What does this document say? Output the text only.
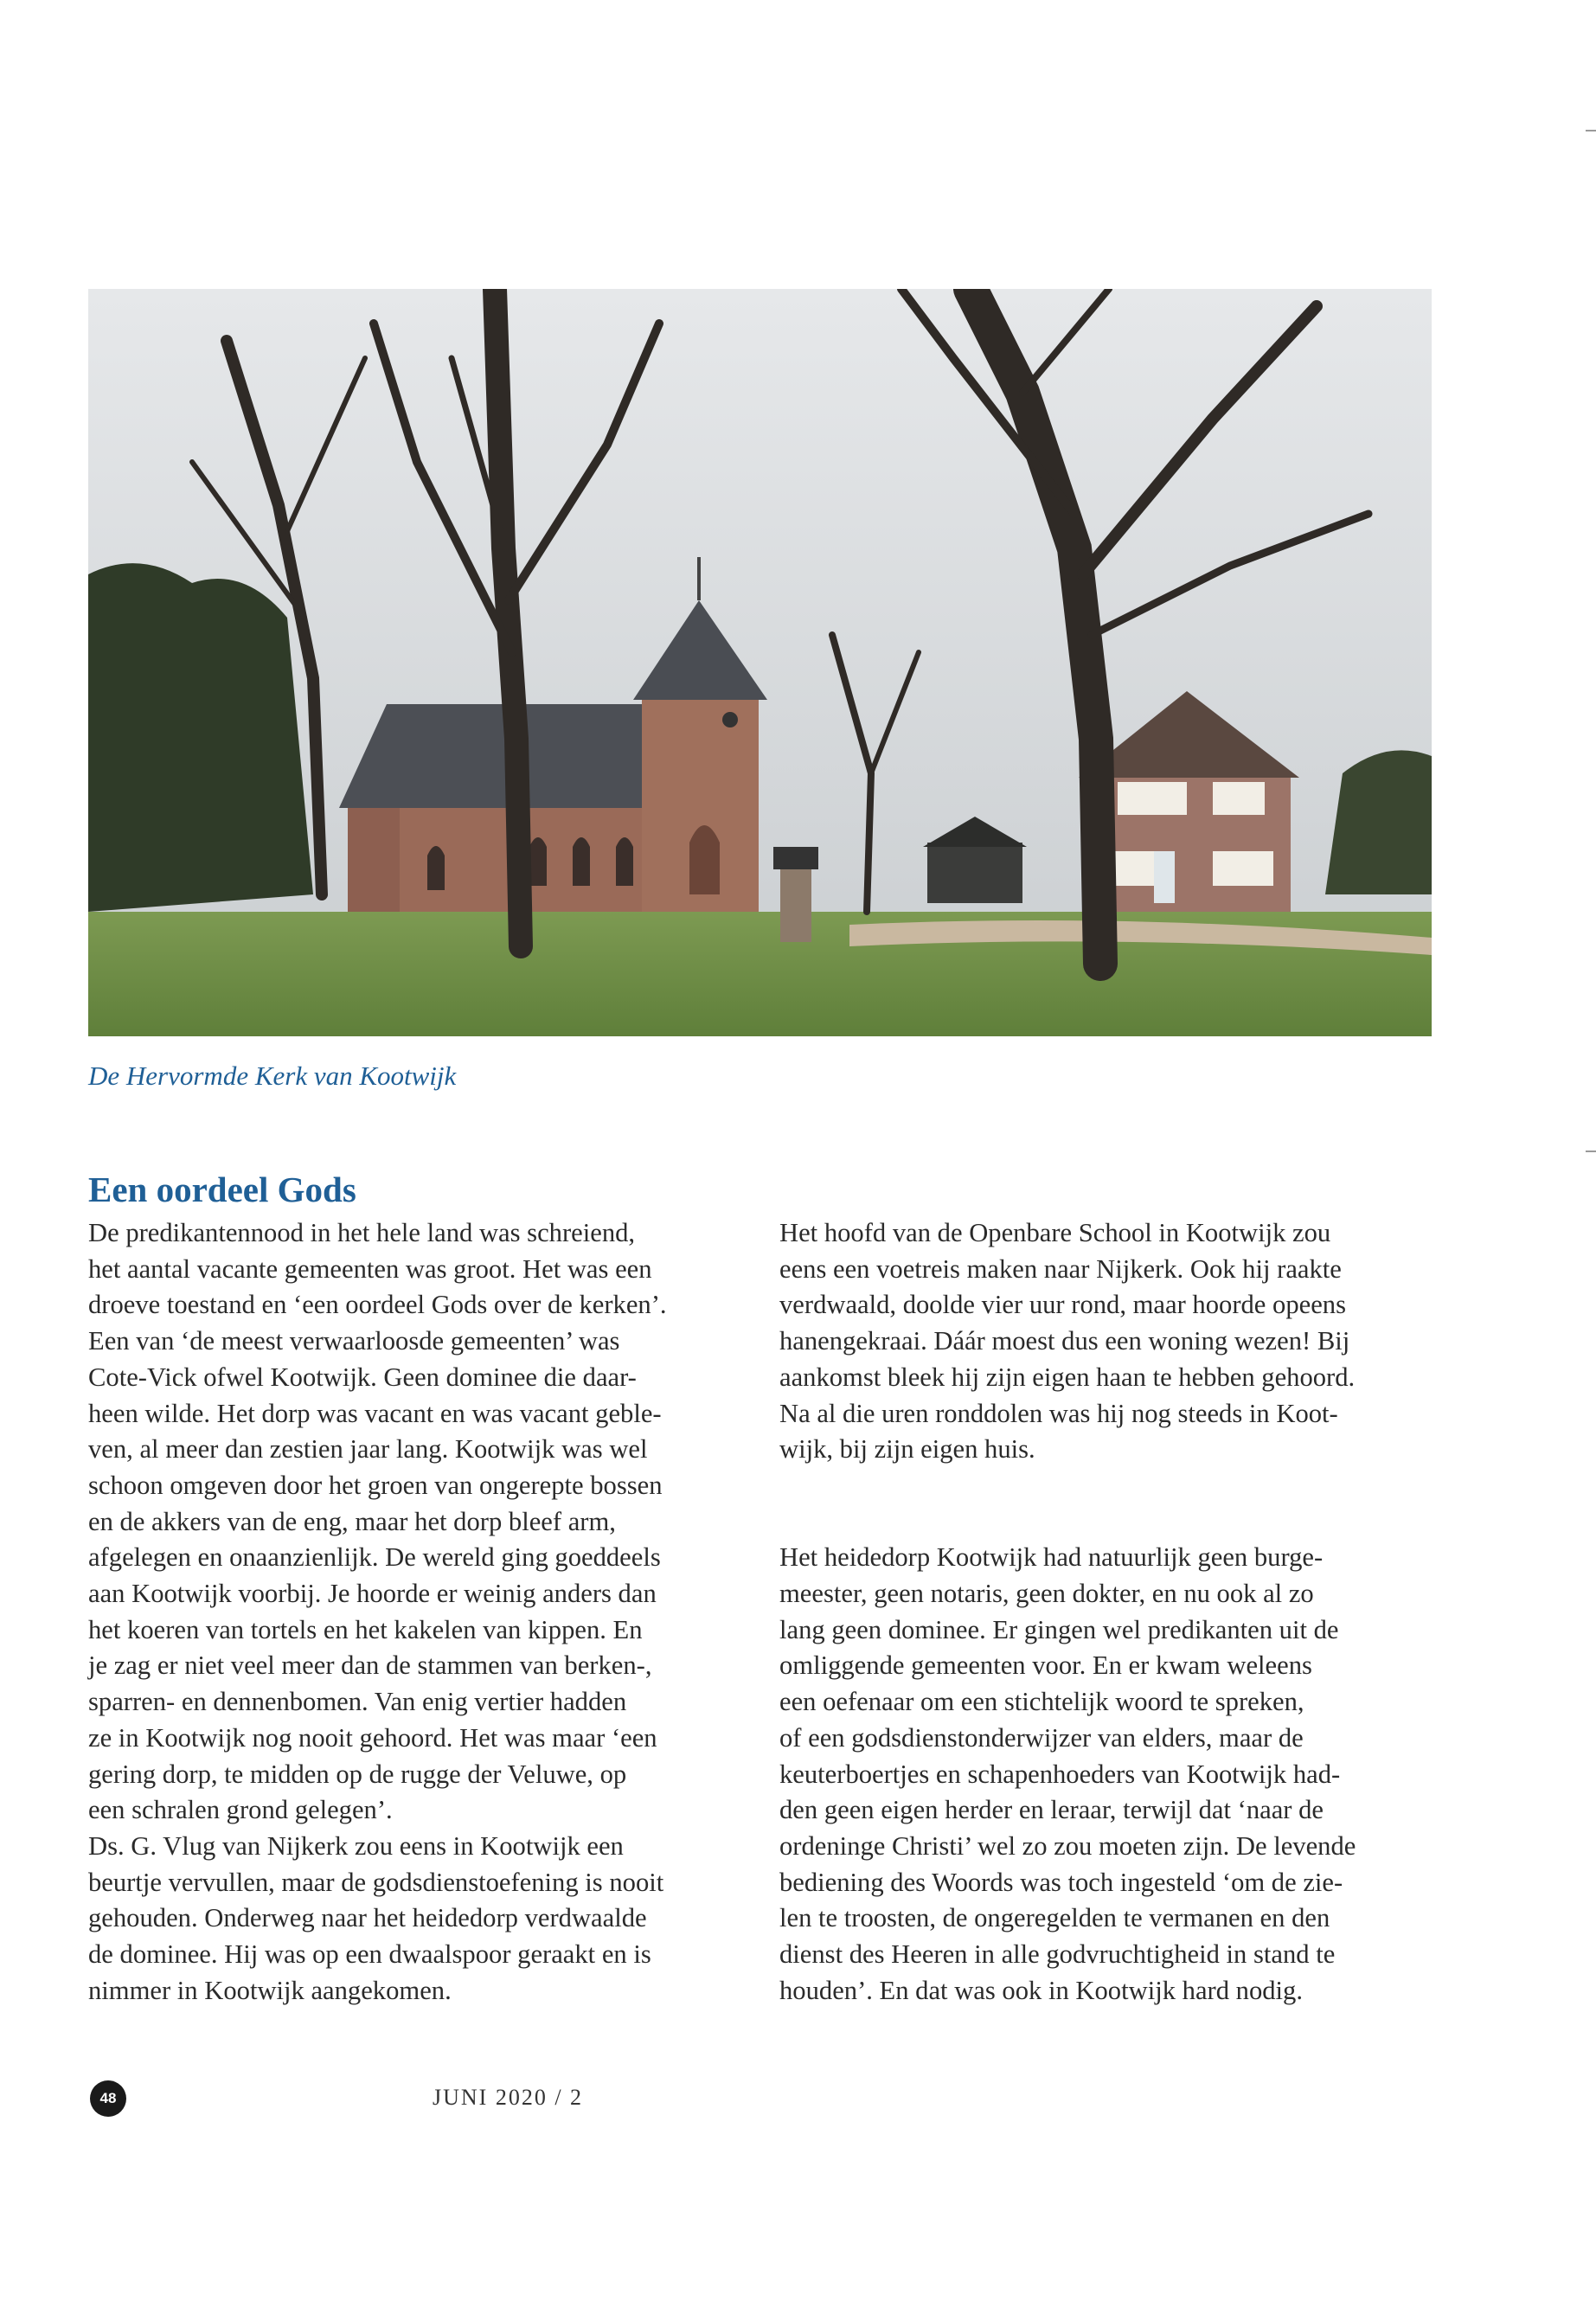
De Hervormde Kerk van Kootwijk
Een oordeel Gods

De predikantennood in het hele land was schreiend,

het aantal vacante gemeenten was groot. Het was een

droeve toestand en ‘een oordeel Gods over de kerken’.

Een van ‘de meest verwaarloosde gemeenten’ was

Cote-Vick ofwel Kootwijk. Geen dominee die daar-

heen wilde. Het dorp was vacant en was vacant geble-

ven, al meer dan zestien jaar lang. Kootwijk was wel

schoon omgeven door het groen van ongerepte bossen

en de akkers van de eng, maar het dorp bleef arm,

afgelegen en onaanzienlijk. De wereld ging goeddeels

aan Kootwijk voorbij. Je hoorde er weinig anders dan

het koeren van tortels en het kakelen van kippen. En

je zag er niet veel meer dan de stammen van berken-,

sparren- en dennenbomen. Van enig vertier hadden

ze in Kootwijk nog nooit gehoord. Het was maar ‘een

gering dorp, te midden op de rugge der Veluwe, op

een schralen grond gelegen’.

Ds. G. Vlug van Nijkerk zou eens in Kootwijk een

beurtje vervullen, maar de godsdienstoefening is nooit

gehouden. Onderweg naar het heidedorp verdwaalde

de dominee. Hij was op een dwaalspoor geraakt en is

nimmer in Kootwijk aangekomen.

Het hoofd van de Openbare School in Kootwijk zou

eens een voetreis maken naar Nijkerk. Ook hij raakte

verdwaald, doolde vier uur rond, maar hoorde opeens

hanengekraai. Dáár moest dus een woning wezen! Bij

aankomst bleek hij zijn eigen haan te hebben gehoord.

Na al die uren ronddolen was hij nog steeds in Koot-

wijk, bij zijn eigen huis.

Het heidedorp Kootwijk had natuurlijk geen burge-

meester, geen notaris, geen dokter, en nu ook al zo

lang geen dominee. Er gingen wel predikanten uit de

omliggende gemeenten voor. En er kwam weleens

een oefenaar om een stichtelijk woord te spreken,

of een godsdienstonderwijzer van elders, maar de

keuterboertjes en schapenhoeders van Kootwijk had-

den geen eigen herder en leraar, terwijl dat ‘naar de

ordeninge Christi’ wel zo zou moeten zijn. De levende

bediening des Woords was toch ingesteld ‘om de zie-

len te troosten, de ongeregelden te vermanen en den

dienst des Heeren in alle godvruchtigheid in stand te

houden’. En dat was ook in Kootwijk hard nodig.

48	JUNI 2020 / 2
